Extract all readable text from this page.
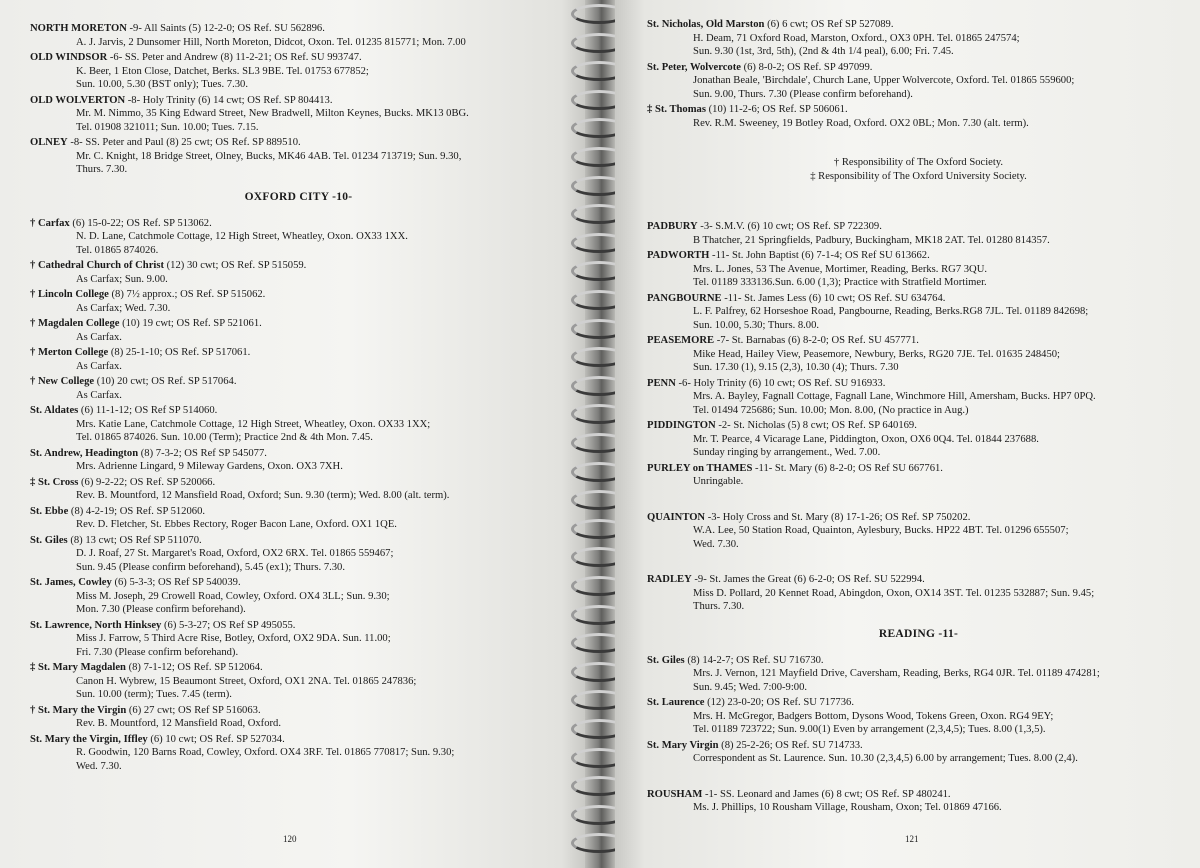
NORTH MORETON -9- All Saints (5) 12-2-0; OS Ref. SU 562896.
A. J. Jarvis, 2 Dunsomer Hill, North Moreton, Didcot, Oxon. Tel. 01235 815771; Mon. 7.00
OLD WINDSOR -6- SS. Peter and Andrew (8) 11-2-21; OS Ref. SU 993747.
K. Beer, 1 Eton Close, Datchet, Berks. SL3 9BE. Tel. 01753 677852;
Sun. 10.00, 5.30 (BST only); Tues. 7.30.
OLD WOLVERTON -8- Holy Trinity (6) 14 cwt; OS Ref. SP 804413.
Mr. M. Nimmo, 35 King Edward Street, New Bradwell, Milton Keynes, Bucks. MK13 0BG.
Tel. 01908 321011; Sun. 10.00; Tues. 7.15.
OLNEY -8- SS. Peter and Paul (8) 25 cwt; OS Ref. SP 889510.
Mr. C. Knight, 18 Bridge Street, Olney, Bucks, MK46 4AB. Tel. 01234 713719; Sun. 9.30,
Thurs. 7.30.
OXFORD CITY -10-
† Carfax (6) 15-0-22; OS Ref. SP 513062.
N. D. Lane, Catchmole Cottage, 12 High Street, Wheatley, Oxon. OX33 1XX.
Tel. 01865 874026.
† Cathedral Church of Christ (12) 30 cwt; OS Ref. SP 515059.
As Carfax; Sun. 9.00.
† Lincoln College (8) 7½ approx.; OS Ref. SP 515062.
As Carfax; Wed. 7.30.
† Magdalen College (10) 19 cwt; OS Ref. SP 521061.
As Carfax.
† Merton College (8) 25-1-10; OS Ref. SP 517061.
As Carfax.
† New College (10) 20 cwt; OS Ref. SP 517064.
As Carfax.
St. Aldates (6) 11-1-12; OS Ref SP 514060.
Mrs. Katie Lane, Catchmole Cottage, 12 High Street, Wheatley, Oxon. OX33 1XX;
Tel. 01865 874026. Sun. 10.00 (Term); Practice 2nd & 4th Mon. 7.45.
St. Andrew, Headington (8) 7-3-2; OS Ref SP 545077.
Mrs. Adrienne Lingard, 9 Mileway Gardens, Oxon. OX3 7XH.
‡ St. Cross (6) 9-2-22; OS Ref. SP 520066.
Rev. B. Mountford, 12 Mansfield Road, Oxford; Sun. 9.30 (term); Wed. 8.00 (alt. term).
St. Ebbe (8) 4-2-19; OS Ref. SP 512060.
Rev. D. Fletcher, St. Ebbes Rectory, Roger Bacon Lane, Oxford. OX1 1QE.
St. Giles (8) 13 cwt; OS Ref SP 511070.
D. J. Roaf, 27 St. Margaret's Road, Oxford, OX2 6RX. Tel. 01865 559467;
Sun. 9.45 (Please confirm beforehand), 5.45 (ex1); Thurs. 7.30.
St. James, Cowley (6) 5-3-3; OS Ref SP 540039.
Miss M. Joseph, 29 Crowell Road, Cowley, Oxford. OX4 3LL; Sun. 9.30;
Mon. 7.30 (Please confirm beforehand).
St. Lawrence, North Hinksey (6) 5-3-27; OS Ref SP 495055.
Miss J. Farrow, 5 Third Acre Rise, Botley, Oxford, OX2 9DA. Sun. 11.00;
Fri. 7.30 (Please confirm beforehand).
‡ St. Mary Magdalen (8) 7-1-12; OS Ref. SP 512064.
Canon H. Wybrew, 15 Beaumont Street, Oxford, OX1 2NA. Tel. 01865 247836;
Sun. 10.00 (term); Tues. 7.45 (term).
† St. Mary the Virgin (6) 27 cwt; OS Ref SP 516063.
Rev. B. Mountford, 12 Mansfield Road, Oxford.
St. Mary the Virgin, Iffley (6) 10 cwt; OS Ref. SP 527034.
R. Goodwin, 120 Barns Road, Cowley, Oxford. OX4 3RF. Tel. 01865 770817; Sun. 9.30;
Wed. 7.30.
120
St. Nicholas, Old Marston (6) 6 cwt; OS Ref SP 527089.
H. Deam, 71 Oxford Road, Marston, Oxford., OX3 0PH. Tel. 01865 247574;
Sun. 9.30 (1st, 3rd, 5th), (2nd & 4th 1/4 peal), 6.00; Fri. 7.45.
St. Peter, Wolvercote (6) 8-0-2; OS Ref. SP 497099.
Jonathan Beale, 'Birchdale', Church Lane, Upper Wolvercote, Oxford. Tel. 01865 559600;
Sun. 9.00, Thurs. 7.30 (Please confirm beforehand).
‡ St. Thomas (10) 11-2-6; OS Ref. SP 506061.
Rev. R.M. Sweeney, 19 Botley Road, Oxford. OX2 0BL; Mon. 7.30 (alt. term).
† Responsibility of The Oxford Society.
‡ Responsibility of The Oxford University Society.
PADBURY -3- S.M.V. (6) 10 cwt; OS Ref. SP 722309.
B Thatcher, 21 Springfields, Padbury, Buckingham, MK18 2AT. Tel. 01280 814357.
PADWORTH -11- St. John Baptist (6) 7-1-4; OS Ref SU 613662.
Mrs. L. Jones, 53 The Avenue, Mortimer, Reading, Berks. RG7 3QU.
Tel. 01189 333136.Sun. 6.00 (1,3); Practice with Stratfield Mortimer.
PANGBOURNE -11- St. James Less (6) 10 cwt; OS Ref. SU 634764.
L. F. Palfrey, 62 Horseshoe Road, Pangbourne, Reading, Berks.RG8 7JL. Tel. 01189 842698;
Sun. 10.00, 5.30; Thurs. 8.00.
PEASEMORE -7- St. Barnabas (6) 8-2-0; OS Ref. SU 457771.
Mike Head, Hailey View, Peasemore, Newbury, Berks, RG20 7JE. Tel. 01635 248450;
Sun. 17.30 (1), 9.15 (2,3), 10.30 (4); Thurs. 7.30
PENN -6- Holy Trinity (6) 10 cwt; OS Ref. SU 916933.
Mrs. A. Bayley, Fagnall Cottage, Fagnall Lane, Winchmore Hill, Amersham, Bucks. HP7 0PQ.
Tel. 01494 725686; Sun. 10.00; Mon. 8.00, (No practice in Aug.)
PIDDINGTON -2- St. Nicholas (5) 8 cwt; OS Ref. SP 640169.
Mr. T. Pearce, 4 Vicarage Lane, Piddington, Oxon, OX6 0Q4. Tel. 01844 237688.
Sunday ringing by arrangement., Wed. 7.00.
PURLEY on THAMES -11- St. Mary (6) 8-2-0; OS Ref SU 667761.
Unringable.
QUAINTON -3- Holy Cross and St. Mary (8) 17-1-26; OS Ref. SP 750202.
W.A. Lee, 50 Station Road, Quainton, Aylesbury, Bucks. HP22 4BT. Tel. 01296 655507;
Wed. 7.30.
RADLEY -9- St. James the Great (6) 6-2-0; OS Ref. SU 522994.
Miss D. Pollard, 20 Kennet Road, Abingdon, Oxon, OX14 3ST. Tel. 01235 532887; Sun. 9.45;
Thurs. 7.30.
READING -11-
St. Giles (8) 14-2-7; OS Ref. SU 716730.
Mrs. J. Vernon, 121 Mayfield Drive, Caversham, Reading, Berks, RG4 0JR. Tel. 01189 474281;
Sun. 9.45; Wed. 7:00-9:00.
St. Laurence (12) 23-0-20; OS Ref. SU 717736.
Mrs. H. McGregor, Badgers Bottom, Dysons Wood, Tokens Green, Oxon. RG4 9EY;
Tel. 01189 723722; Sun. 9.00(1) Even by arrangement (2,3,4,5); Tues. 8.00 (1,3,5).
St. Mary Virgin (8) 25-2-26; OS Ref. SU 714733.
Correspondent as St. Laurence. Sun. 10.30 (2,3,4,5) 6.00 by arrangement; Tues. 8.00 (2,4).
ROUSHAM -1- SS. Leonard and James (6) 8 cwt; OS Ref. SP 480241.
Ms. J. Phillips, 10 Rousham Village, Rousham, Oxon; Tel. 01869 47166.
121
